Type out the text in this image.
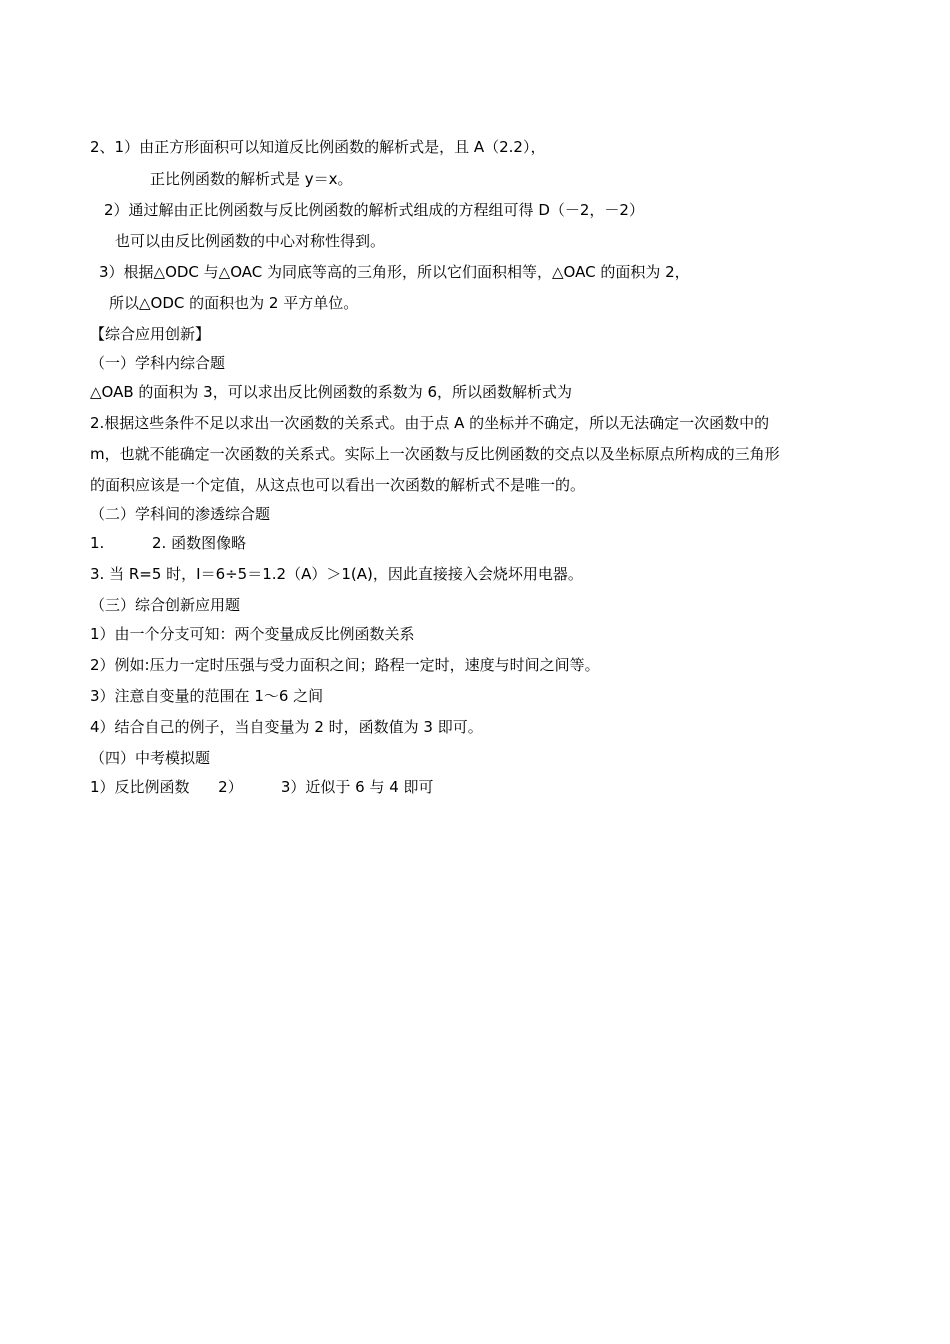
2、1）由正方形面积可以知道反比例函数的解析式是，且 A（2.2），
正比例函数的解析式是 y＝x。
2）通过解由正比例函数与反比例函数的解析式组成的方程组可得 D（－2，－2）
也可以由反比例函数的中心对称性得到。
3）根据△ODC 与△OAC 为同底等高的三角形，所以它们面积相等，△OAC 的面积为 2，
所以△ODC 的面积也为 2 平方单位。
【综合应用创新】
（一）学科内综合题
△OAB 的面积为 3，可以求出反比例函数的系数为 6，所以函数解析式为
2.根据这些条件不足以求出一次函数的关系式。由于点 A 的坐标并不确定，所以无法确定一次函数中的
m，也就不能确定一次函数的关系式。实际上一次函数与反比例函数的交点以及坐标原点所构成的三角形
的面积应该是一个定值，从这点也可以看出一次函数的解析式不是唯一的。
（二）学科间的渗透综合题
1.          2. 函数图像略
3. 当 R=5 时，I＝6÷5＝1.2（A）＞1(A)，因此直接接入会烧坏用电器。
（三）综合创新应用题
1）由一个分支可知：两个变量成反比例函数关系
2）例如:压力一定时压强与受力面积之间；路程一定时，速度与时间之间等。
3）注意自变量的范围在 1～6 之间
4）结合自己的例子，当自变量为 2 时，函数值为 3 即可。
（四）中考模拟题
1）反比例函数      2）        3）近似于 6 与 4 即可
